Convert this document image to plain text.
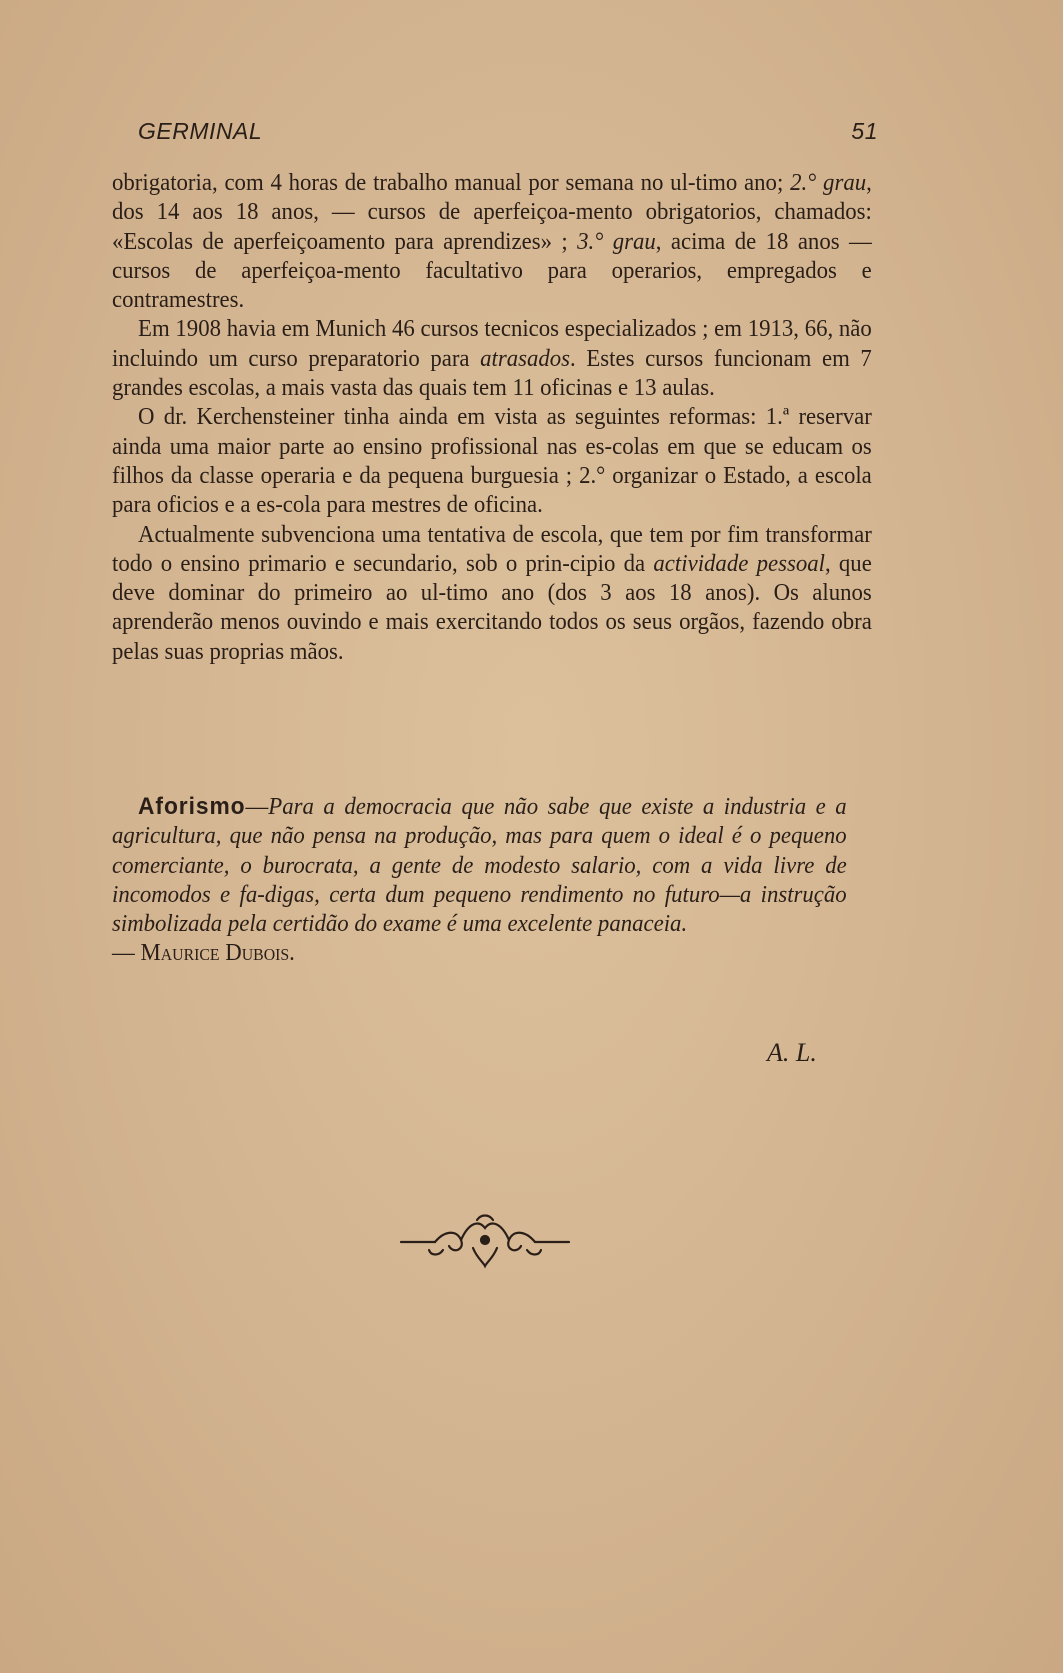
GERMINAL	51

obrigatoria, com 4 horas de trabalho manual por semana no ul-timo ano; 2.° grau, dos 14 aos 18 anos, — cursos de aperfeiçoa-mento obrigatorios, chamados: «Escolas de aperfeiçoamento para aprendizes» ; 3.° grau, acima de 18 anos — cursos de aperfeiçoa-mento facultativo para operarios, empregados e contramestres.

Em 1908 havia em Munich 46 cursos tecnicos especializados ; em 1913, 66, não incluindo um curso preparatorio para atrasados. Estes cursos funcionam em 7 grandes escolas, a mais vasta das quais tem 11 oficinas e 13 aulas.

O dr. Kerchensteiner tinha ainda em vista as seguintes reformas: 1.ª reservar ainda uma maior parte ao ensino profissional nas es-colas em que se educam os filhos da classe operaria e da pequena burguesia ; 2.° organizar o Estado, a escola para oficios e a es-cola para mestres de oficina.

Actualmente subvenciona uma tentativa de escola, que tem por fim transformar todo o ensino primario e secundario, sob o prin-cipio da actividade pessoal, que deve dominar do primeiro ao ul-timo ano (dos 3 aos 18 anos). Os alunos aprenderão menos ouvindo e mais exercitando todos os seus orgãos, fazendo obra pelas suas proprias mãos.

Aforismo—Para a democracia que não sabe que existe a industria e a agricultura, que não pensa na produção, mas para quem o ideal é o pequeno comerciante, o burocrata, a gente de modesto salario, com a vida livre de incomodos e fa-digas, certa dum pequeno rendimento no futuro—a instrução simbolizada pela certidão do exame é uma excelente panaceia.
— Maurice Dubois.
A. L.
